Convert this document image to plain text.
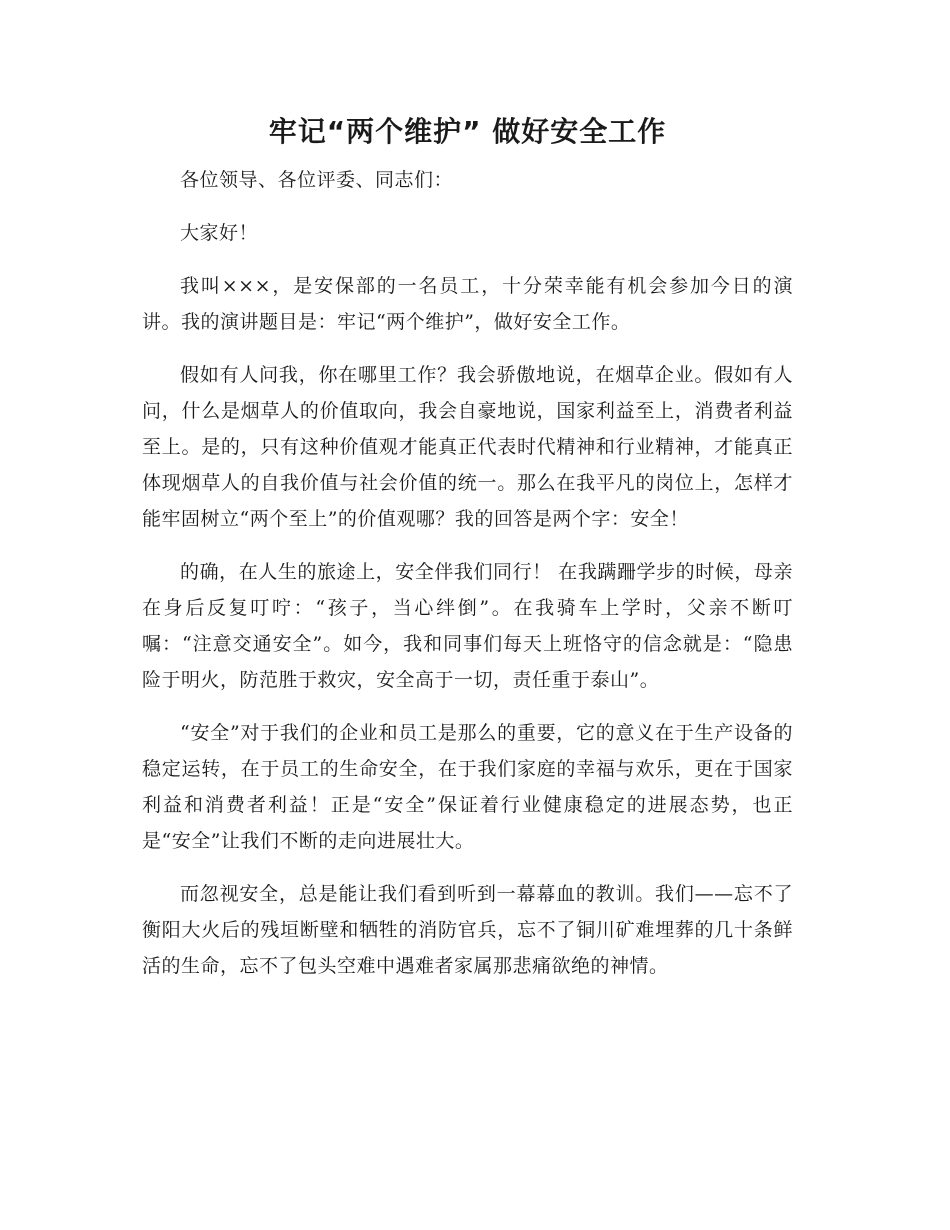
牢记“两个维护” 做好安全工作

各位领导、各位评委、同志们：

大家好！

我叫×××，是安保部的一名员工，十分荣幸能有机会参加今日的演讲。我的演讲题目是：牢记“两个维护”，做好安全工作。

假如有人问我，你在哪里工作？我会骄傲地说，在烟草企业。假如有人问，什么是烟草人的价值取向，我会自豪地说，国家利益至上，消费者利益至上。是的，只有这种价值观才能真正代表时代精神和行业精神，才能真正体现烟草人的自我价值与社会价值的统一。那么在我平凡的岗位上，怎样才能牢固树立“两个至上”的价值观哪？我的回答是两个字：安全！

的确，在人生的旅途上，安全伴我们同行！ 在我蹒跚学步的时候，母亲在身后反复叮咛：“孩子，当心绊倒”。在我骑车上学时，父亲不断叮嘱：“注意交通安全”。如今，我和同事们每天上班恪守的信念就是：“隐患险于明火，防范胜于救灾，安全高于一切，责任重于泰山”。

“安全”对于我们的企业和员工是那么的重要，它的意义在于生产设备的稳定运转，在于员工的生命安全，在于我们家庭的幸福与欢乐，更在于国家利益和消费者利益！正是“安全”保证着行业健康稳定的进展态势，也正是“安全”让我们不断的走向进展壮大。

而忽视安全，总是能让我们看到听到一幕幕血的教训。我们——忘不了衡阳大火后的残垣断壁和牺牲的消防官兵，忘不了铜川矿难埋葬的几十条鲜活的生命，忘不了包头空难中遇难者家属那悲痛欲绝的神情。
